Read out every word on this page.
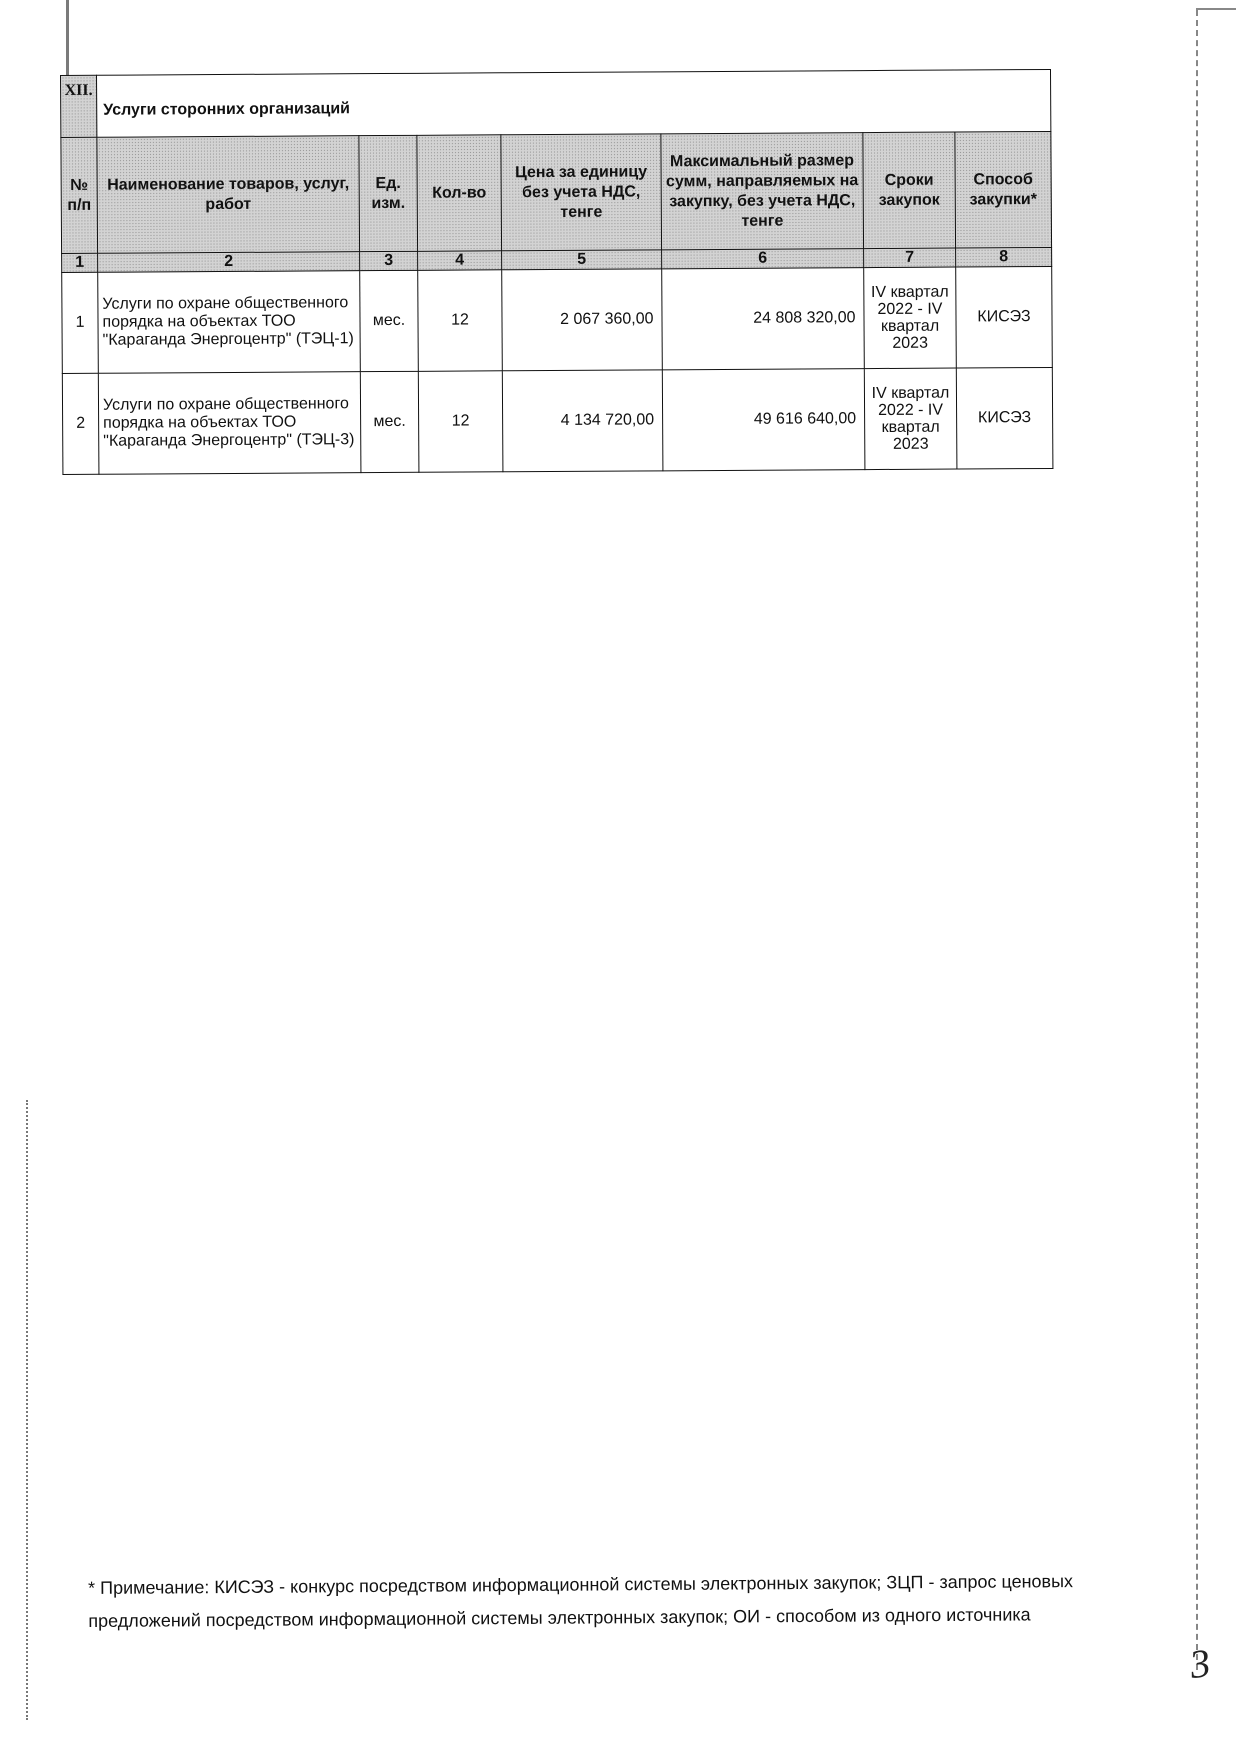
XII.	Услуги сторонних организаций						
№ п/п	Наименование товаров, услуг, работ	Ед. изм.	Кол-во	Цена за единицу без учета НДС, тенге	Максимальный размер сумм, направляемых на закупку, без учета НДС, тенге	Сроки закупок	Способ закупки*
1	2	3	4	5	6	7	8
1	Услуги по охране общественного порядка на объектах ТОО "Караганда Энергоцентр" (ТЭЦ-1)	мес.	12	2 067 360,00	24 808 320,00	IV квартал 2022 - IV квартал 2023	КИСЭЗ
2	Услуги по охране общественного порядка на объектах ТОО "Караганда Энергоцентр" (ТЭЦ-3)	мес.	12	4 134 720,00	49 616 640,00	IV квартал 2022 - IV квартал 2023	КИСЭЗ
* Примечание: КИСЭЗ - конкурс посредством информационной системы электронных закупок; ЗЦП - запрос ценовых предложений посредством информационной системы электронных закупок; ОИ - способом из одного источника
3
